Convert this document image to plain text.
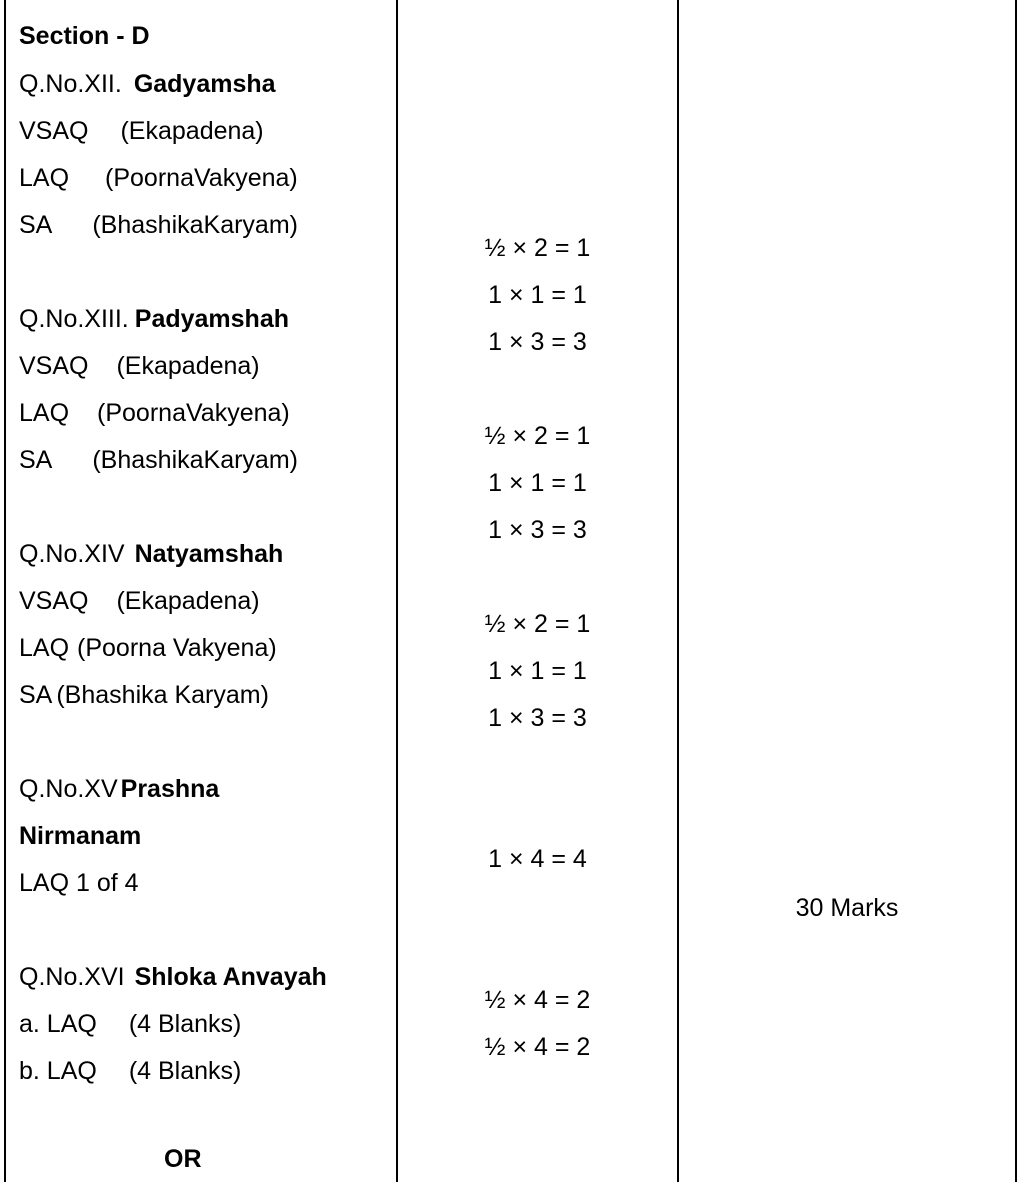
Section - D
Q.No.XII. Gadyamsha
VSAQ (Ekapadena)
LAQ (PoornaVakyena)
SA (BhashikaKaryam)
½ × 2 = 1
1 × 1 = 1
1 × 3 = 3
Q.No.XIII. Padyamshah
VSAQ (Ekapadena)
LAQ (PoornaVakyena)
SA (BhashikaKaryam)
½ × 2 = 1
1 × 1 = 1
1 × 3 = 3
Q.No.XIV Natyamshah
VSAQ (Ekapadena)
LAQ (Poorna Vakyena)
SA (Bhashika Karyam)
½ × 2 = 1
1 × 1 = 1
1 × 3 = 3
Q.No.XV Prashna
Nirmanam
LAQ 1 of 4
1 × 4 = 4
30 Marks
Q.No.XVI Shloka Anvayah
a. LAQ (4 Blanks)
b. LAQ (4 Blanks)
½ × 4 = 2
½ × 4 = 2
OR
